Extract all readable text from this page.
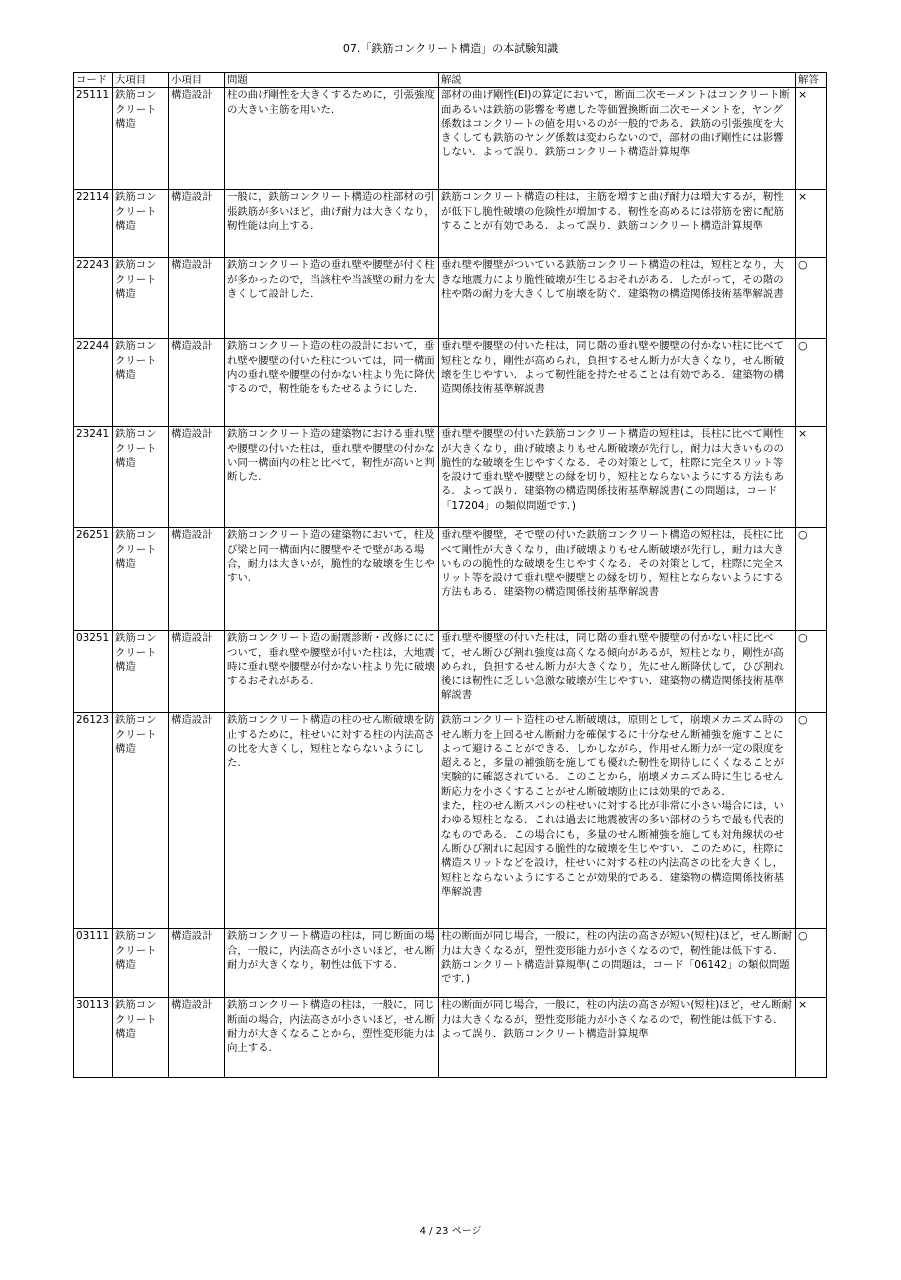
07.「鉄筋コンクリート構造」の本試験知識
コード	大項目	小項目	問題	解説	解答
25111	鉄筋コンクリート構造	構造設計	柱の曲げ剛性を大きくするために，引張強度の大きい主筋を用いた.	部材の曲げ剛性(EI)の算定において，断面二次モーメントはコンクリート断面あるいは鉄筋の影響を考慮した等価置換断面二次モーメントを，ヤング係数はコンクリートの値を用いるのが一般的である．鉄筋の引張強度を大きくしても鉄筋のヤング係数は変わらないので，部材の曲げ剛性には影響しない．よって誤り．鉄筋コンクリート構造計算規準	×
22114	鉄筋コンクリート構造	構造設計	一般に，鉄筋コンクリート構造の柱部材の引張鉄筋が多いほど，曲げ耐力は大きくなり，靭性能は向上する.	鉄筋コンクリート構造の柱は，主筋を増すと曲げ耐力は増大するが，靭性が低下し脆性破壊の危険性が増加する．靭性を高めるには帯筋を密に配筋することが有効である．よって誤り．鉄筋コンクリート構造計算規準	×
22243	鉄筋コンクリート構造	構造設計	鉄筋コンクリート造の垂れ壁や腰壁が付く柱が多かったので，当該柱や当該壁の耐力を大きくして設計した.	垂れ壁や腰壁がついている鉄筋コンクリート構造の柱は，短柱となり，大きな地震力により脆性破壊が生じるおそれがある．したがって，その階の柱や階の耐力を大きくして崩壊を防ぐ．建築物の構造関係技術基準解説書	○
22244	鉄筋コンクリート構造	構造設計	鉄筋コンクリート造の柱の設計において，垂れ壁や腰壁の付いた柱については，同一構面内の垂れ壁や腰壁の付かない柱より先に降伏するので，靭性能をもたせるようにした.	垂れ壁や腰壁の付いた柱は，同じ階の垂れ壁や腰壁の付かない柱に比べて短柱となり，剛性が高められ，負担するせん断力が大きくなり，せん断破壊を生じやすい．よって靭性能を持たせることは有効である．建築物の構造関係技術基準解説書	○
23241	鉄筋コンクリート構造	構造設計	鉄筋コンクリート造の建築物における垂れ壁や腰壁の付いた柱は，垂れ壁や腰壁の付かない同一構面内の柱と比べて，靭性が高いと判断した.	垂れ壁や腰壁の付いた鉄筋コンクリート構造の短柱は，長柱に比べて剛性が大きくなり，曲げ破壊よりもせん断破壊が先行し，耐力は大きいものの脆性的な破壊を生じやすくなる．その対策として，柱際に完全スリット等を設けて垂れ壁や腰壁との縁を切り，短柱とならないようにする方法もある．よって誤り．建築物の構造関係技術基準解説書(この問題は，コード「17204」の類似問題です．)	×
26251	鉄筋コンクリート構造	構造設計	鉄筋コンクリート造の建築物において，柱及び梁と同一構面内に腰壁やそで壁がある場合，耐力は大きいが，脆性的な破壊を生じやすい.	垂れ壁や腰壁，そで壁の付いた鉄筋コンクリート構造の短柱は，長柱に比べて剛性が大きくなり，曲げ破壊よりもせん断破壊が先行し，耐力は大きいものの脆性的な破壊を生じやすくなる．その対策として，柱際に完全スリット等を設けて垂れ壁や腰壁との縁を切り，短柱とならないようにする方法もある．建築物の構造関係技術基準解説書	○
03251	鉄筋コンクリート構造	構造設計	鉄筋コンクリート造の耐震診断・改修ににについて，垂れ壁や腰壁が付いた柱は，大地震時に垂れ壁や腰壁が付かない柱より先に破壊するおそれがある.	垂れ壁や腰壁の付いた柱は，同じ階の垂れ壁や腰壁の付かない柱に比べて，せん断ひび割れ強度は高くなる傾向があるが，短柱となり，剛性が高められ，負担するせん断力が大きくなり，先にせん断降伏して，ひび割れ後には靭性に乏しい急激な破壊が生じやすい．建築物の構造関係技術基準解説書	○
26123	鉄筋コンクリート構造	構造設計	鉄筋コンクリート構造の柱のせん断破壊を防止するために，柱せいに対する柱の内法高さの比を大きくし，短柱とならないようにした.	鉄筋コンクリート造柱のせん断破壊は，原則として，崩壊メカニズム時のせん断力を上回るせん断耐力を確保するに十分なせん断補強を施すことによって避けることができる．しかしながら，作用せん断力が一定の限度を超えると，多量の補強筋を施しても優れた靭性を期待しにくくなることが実験的に確認されている．このことから，崩壊メカニズム時に生じるせん断応力を小さくすることがせん断破壊防止には効果的である．
また，柱のせん断スパンの柱せいに対する比が非常に小さい場合には，いわゆる短柱となる．これは過去に地震被害の多い部材のうちで最も代表的なものである．この場合にも，多量のせん断補強を施しても対角線状のせん断ひび割れに起因する脆性的な破壊を生じやすい．このために，柱際に構造スリットなどを設け，柱せいに対する柱の内法高さの比を大きくし，短柱とならないようにすることが効果的である．建築物の構造関係技術基準解説書	○
03111	鉄筋コンクリート構造	構造設計	鉄筋コンクリート構造の柱は，同じ断面の場合，一般に，内法高さが小さいほど，せん断耐力が大きくなり，靭性は低下する.	柱の断面が同じ場合，一般に，柱の内法の高さが短い(短柱)ほど，せん断耐力は大きくなるが，塑性変形能力が小さくなるので，靭性能は低下する．鉄筋コンクリート構造計算規準(この問題は，コード「06142」の類似問題です．)	○
30113	鉄筋コンクリート構造	構造設計	鉄筋コンクリート構造の柱は，一般に，同じ断面の場合，内法高さが小さいほど，せん断耐力が大きくなることから，塑性変形能力は向上する.	柱の断面が同じ場合，一般に，柱の内法の高さが短い(短柱)ほど，せん断耐力は大きくなるが，塑性変形能力が小さくなるので，靭性能は低下する．よって誤り．鉄筋コンクリート構造計算規準	×
4 / 23 ページ
